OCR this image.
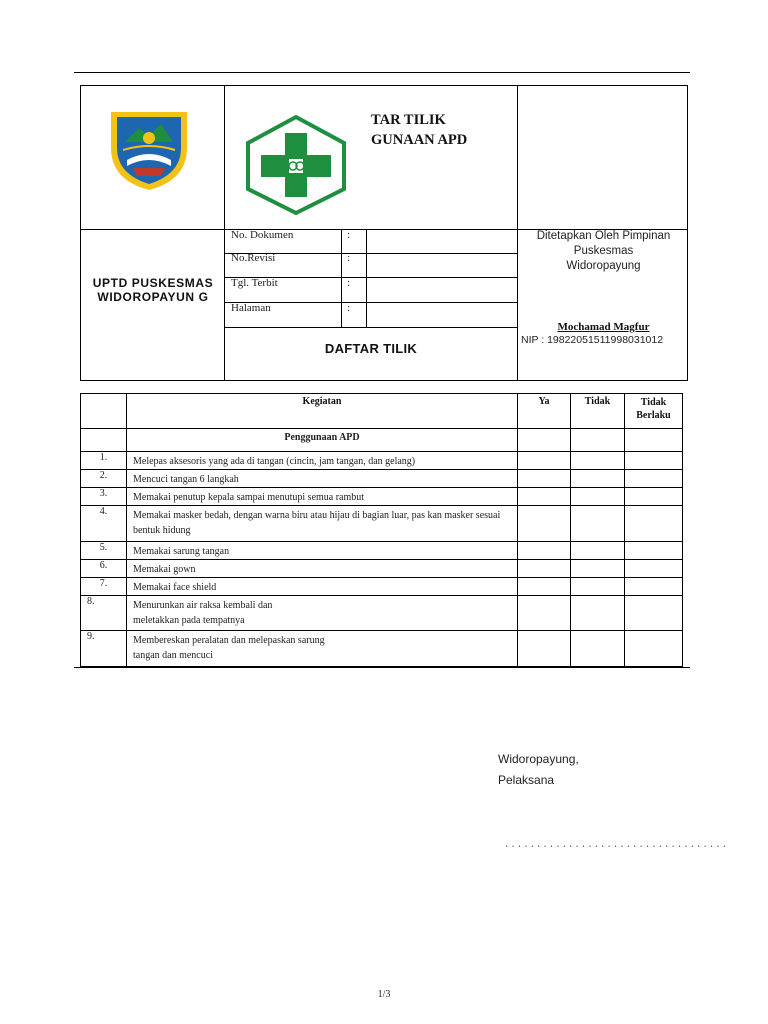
TAR TILIK
GUNAAN APD
UPTD PUSKESMAS WIDOROPAYUN G
No. Dokumen	:
No.Revisi	:
Tgl. Terbit	:
Halaman	:
DAFTAR TILIK
Ditetapkan Oleh Pimpinan
Puskesmas
Widoropayung
Mochamad Magfur
NIP : 19822051511998031012
	Kegiatan	Ya	Tidak	Tidak Berlaku
	Penggunaan APD			
1.	Melepas aksesoris yang ada di tangan (cincin, jam tangan, dan gelang)			
2.	Mencuci tangan 6 langkah			
3.	Memakai penutup kepala sampai menutupi semua rambut			
4.	Memakai masker bedah, dengan warna biru atau hijau di bagian luar, pas kan masker sesuai bentuk hidung			
5.	Memakai sarung tangan			
6.	Memakai gown			
7.	Memakai face shield			
8.	Menurunkan air raksa kembali dan meletakkan pada tempatnya			

9.	Membereskan peralatan dan melepaskan sarung tangan dan mencuci			

Widoropayung,
Pelaksana
...................................
1/3
